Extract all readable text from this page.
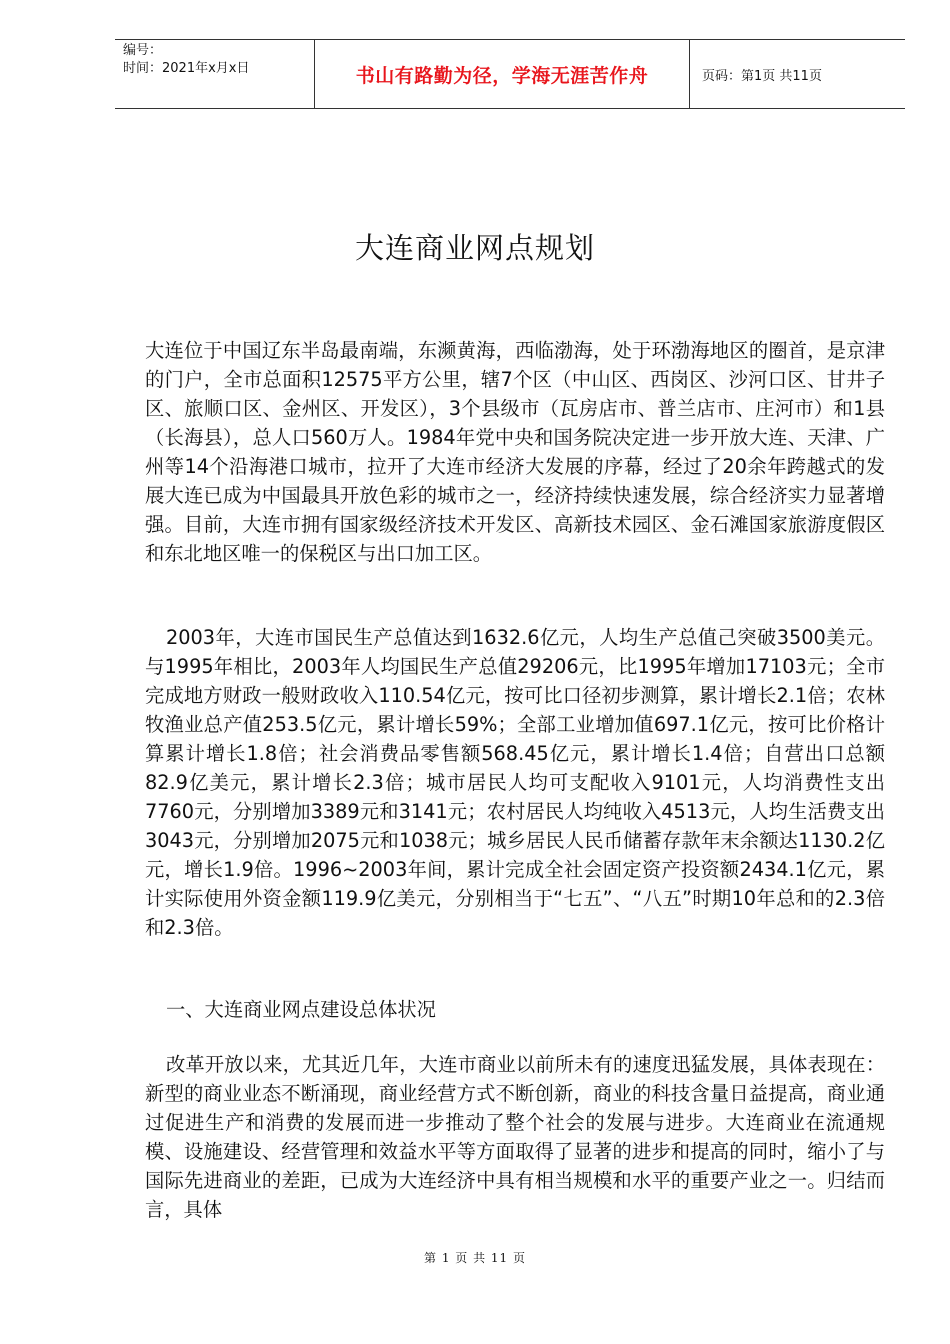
编号：
时间：2021年x月x日	书山有路勤为径，学海无涯苦作舟	页码：第1页 共11页
大连商业网点规划

大连位于中国辽东半岛最南端，东濒黄海，西临渤海，处于环渤海地区的圈首，是京津的门户，全市总面积12575平方公里，辖7个区（中山区、西岗区、沙河口区、甘井子区、旅顺口区、金州区、开发区），3个县级市（瓦房店市、普兰店市、庄河市）和1县（长海县），总人口560万人。1984年党中央和国务院决定进一步开放大连、天津、广州等14个沿海港口城市，拉开了大连市经济大发展的序幕，经过了20余年跨越式的发展大连已成为中国最具开放色彩的城市之一，经济持续快速发展，综合经济实力显著增强。目前，大连市拥有国家级经济技术开发区、高新技术园区、金石滩国家旅游度假区和东北地区唯一的保税区与出口加工区。

2003年，大连市国民生产总值达到1632.6亿元，人均生产总值己突破3500美元。与1995年相比，2003年人均国民生产总值29206元，比1995年增加17103元；全市完成地方财政一般财政收入110.54亿元，按可比口径初步测算，累计增长2.1倍；农林牧渔业总产值253.5亿元，累计增长59%；全部工业增加值697.1亿元，按可比价格计算累计增长1.8倍；社会消费品零售额568.45亿元，累计增长1.4倍；自营出口总额82.9亿美元，累计增长2.3倍；城市居民人均可支配收入9101元，人均消费性支出7760元，分别增加3389元和3141元；农村居民人均纯收入4513元，人均生活费支出3043元，分别增加2075元和1038元；城乡居民人民币储蓄存款年末余额达1130.2亿元，增长1.9倍。1996~2003年间，累计完成全社会固定资产投资额2434.1亿元，累计实际使用外资金额119.9亿美元，分别相当于“七五”、“八五”时期10年总和的2.3倍和2.3倍。

一、大连商业网点建设总体状况

改革开放以来，尤其近几年，大连市商业以前所未有的速度迅猛发展，具体表现在：新型的商业业态不断涌现，商业经营方式不断创新，商业的科技含量日益提高，商业通过促进生产和消费的发展而进一步推动了整个社会的发展与进步。大连商业在流通规模、设施建设、经营管理和效益水平等方面取得了显著的进步和提高的同时，缩小了与国际先进商业的差距，已成为大连经济中具有相当规模和水平的重要产业之一。归结而言，具体

第 1 页 共 11 页
